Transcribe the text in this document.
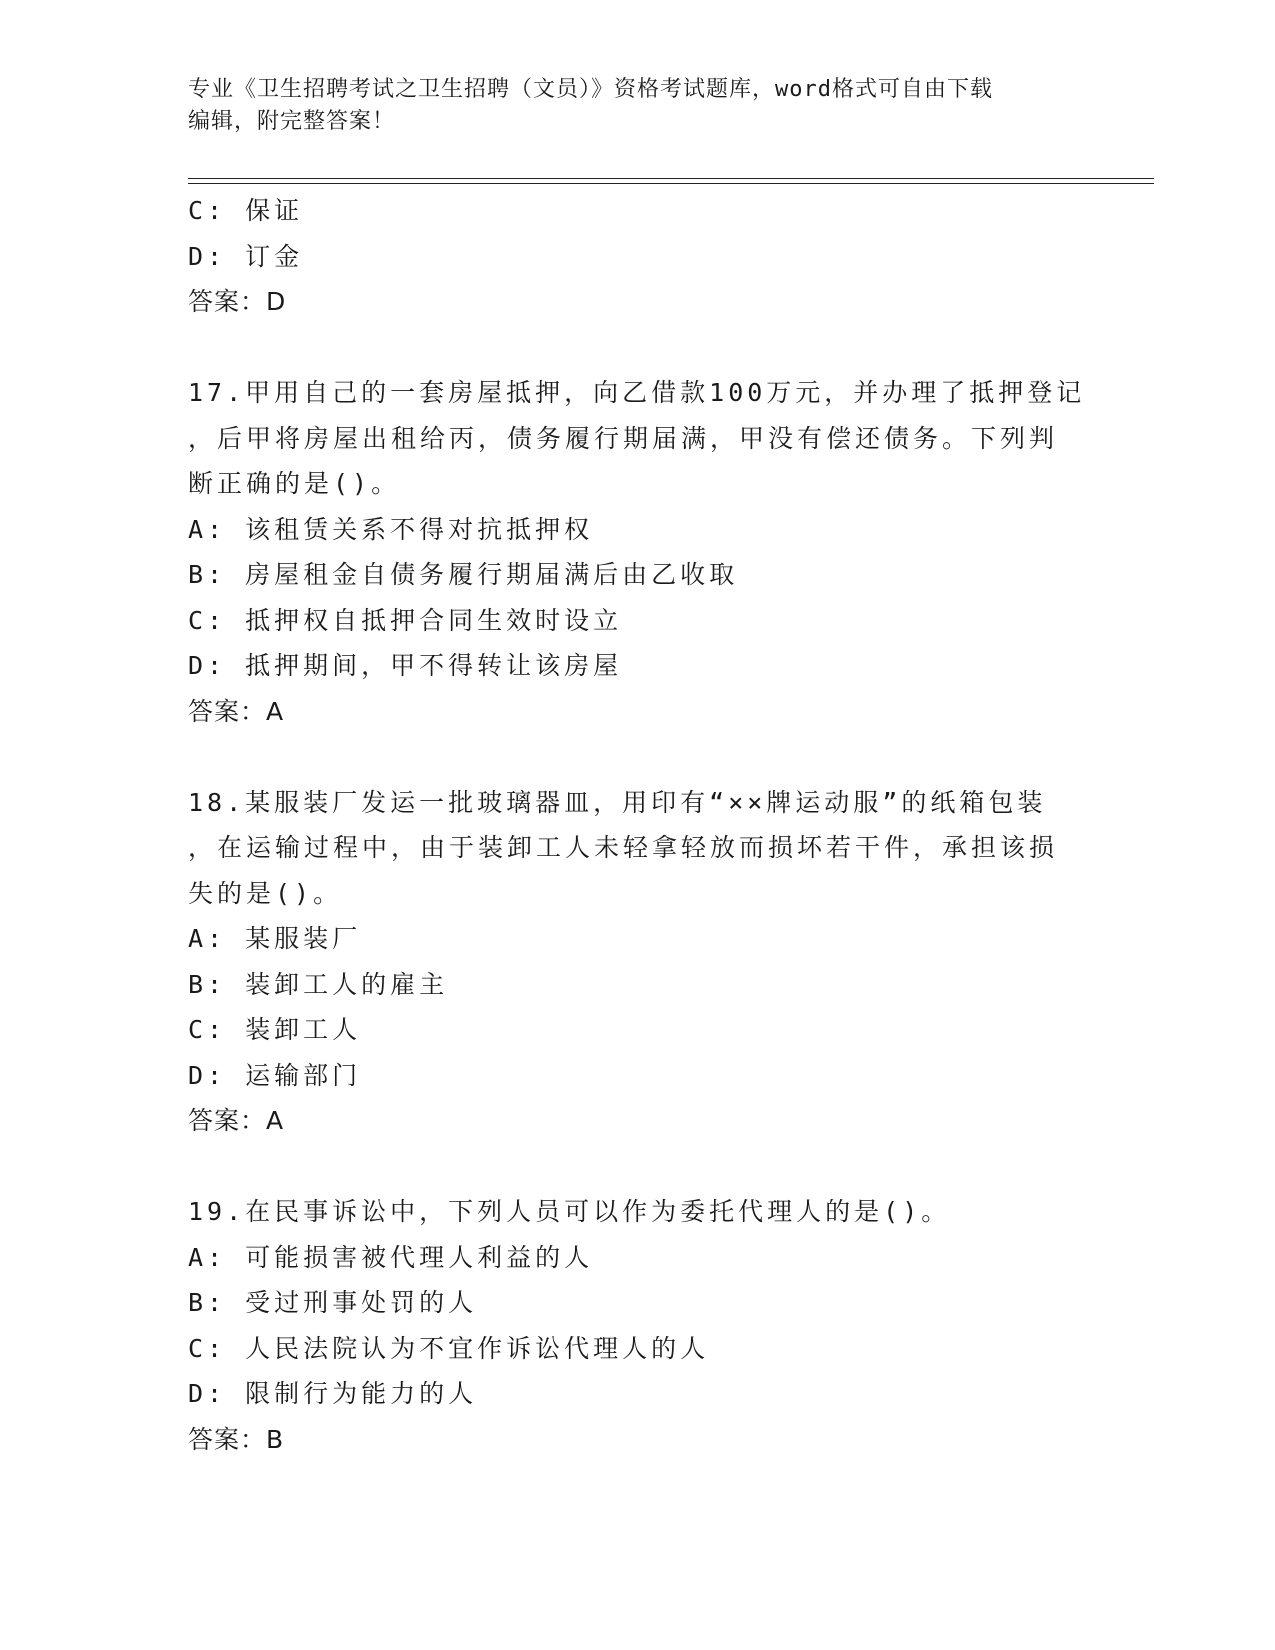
专业《卫生招聘考试之卫生招聘（文员）》资格考试题库，word格式可自由下载
编辑，附完整答案！
C: 保证
D: 订金
答案：D
17.甲用自己的一套房屋抵押，向乙借款100万元，并办理了抵押登记
，后甲将房屋出租给丙，债务履行期届满，甲没有偿还债务。下列判
断正确的是()。
A: 该租赁关系不得对抗抵押权
B: 房屋租金自债务履行期届满后由乙收取
C: 抵押权自抵押合同生效时设立
D: 抵押期间，甲不得转让该房屋
答案：A
18.某服装厂发运一批玻璃器皿，用印有“××牌运动服”的纸箱包装
，在运输过程中，由于装卸工人未轻拿轻放而损坏若干件，承担该损
失的是()。
A: 某服装厂
B: 装卸工人的雇主
C: 装卸工人
D: 运输部门
答案：A
19.在民事诉讼中，下列人员可以作为委托代理人的是()。
A: 可能损害被代理人利益的人
B: 受过刑事处罚的人
C: 人民法院认为不宜作诉讼代理人的人
D: 限制行为能力的人
答案：B
